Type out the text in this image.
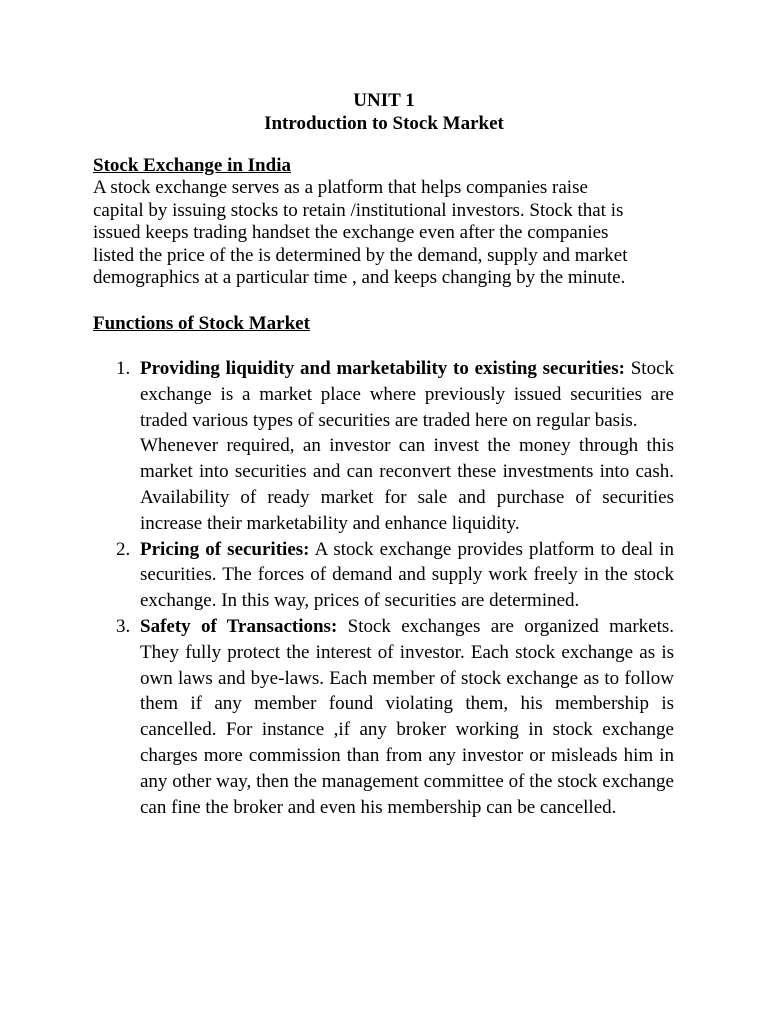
UNIT 1
Introduction to Stock Market
Stock Exchange in India
A stock exchange serves as a platform that helps companies raise
capital by issuing stocks to retain /institutional investors. Stock that is
issued keeps trading handset the exchange even after the companies
listed the price of the is determined by the demand, supply and market
demographics at a particular time , and keeps changing by the minute.
Functions of Stock Market
1. Providing liquidity and marketability to existing securities: Stock exchange is a market place where previously issued securities are traded various types of securities are traded here on regular basis.
Whenever required, an investor can invest the money through this market into securities and can reconvert these investments into cash. Availability of ready market for sale and purchase of securities increase their marketability and enhance liquidity.
2. Pricing of securities: A stock exchange provides platform to deal in securities. The forces of demand and supply work freely in the stock exchange. In this way, prices of securities are determined.
3. Safety of Transactions: Stock exchanges are organized markets. They fully protect the interest of investor. Each stock exchange as is own laws and bye-laws. Each member of stock exchange as to follow them if any member found violating them, his membership is cancelled. For instance ,if any broker working in stock exchange charges more commission than from any investor or misleads him in any other way, then the management committee of the stock exchange can fine the broker and even his membership can be cancelled.
